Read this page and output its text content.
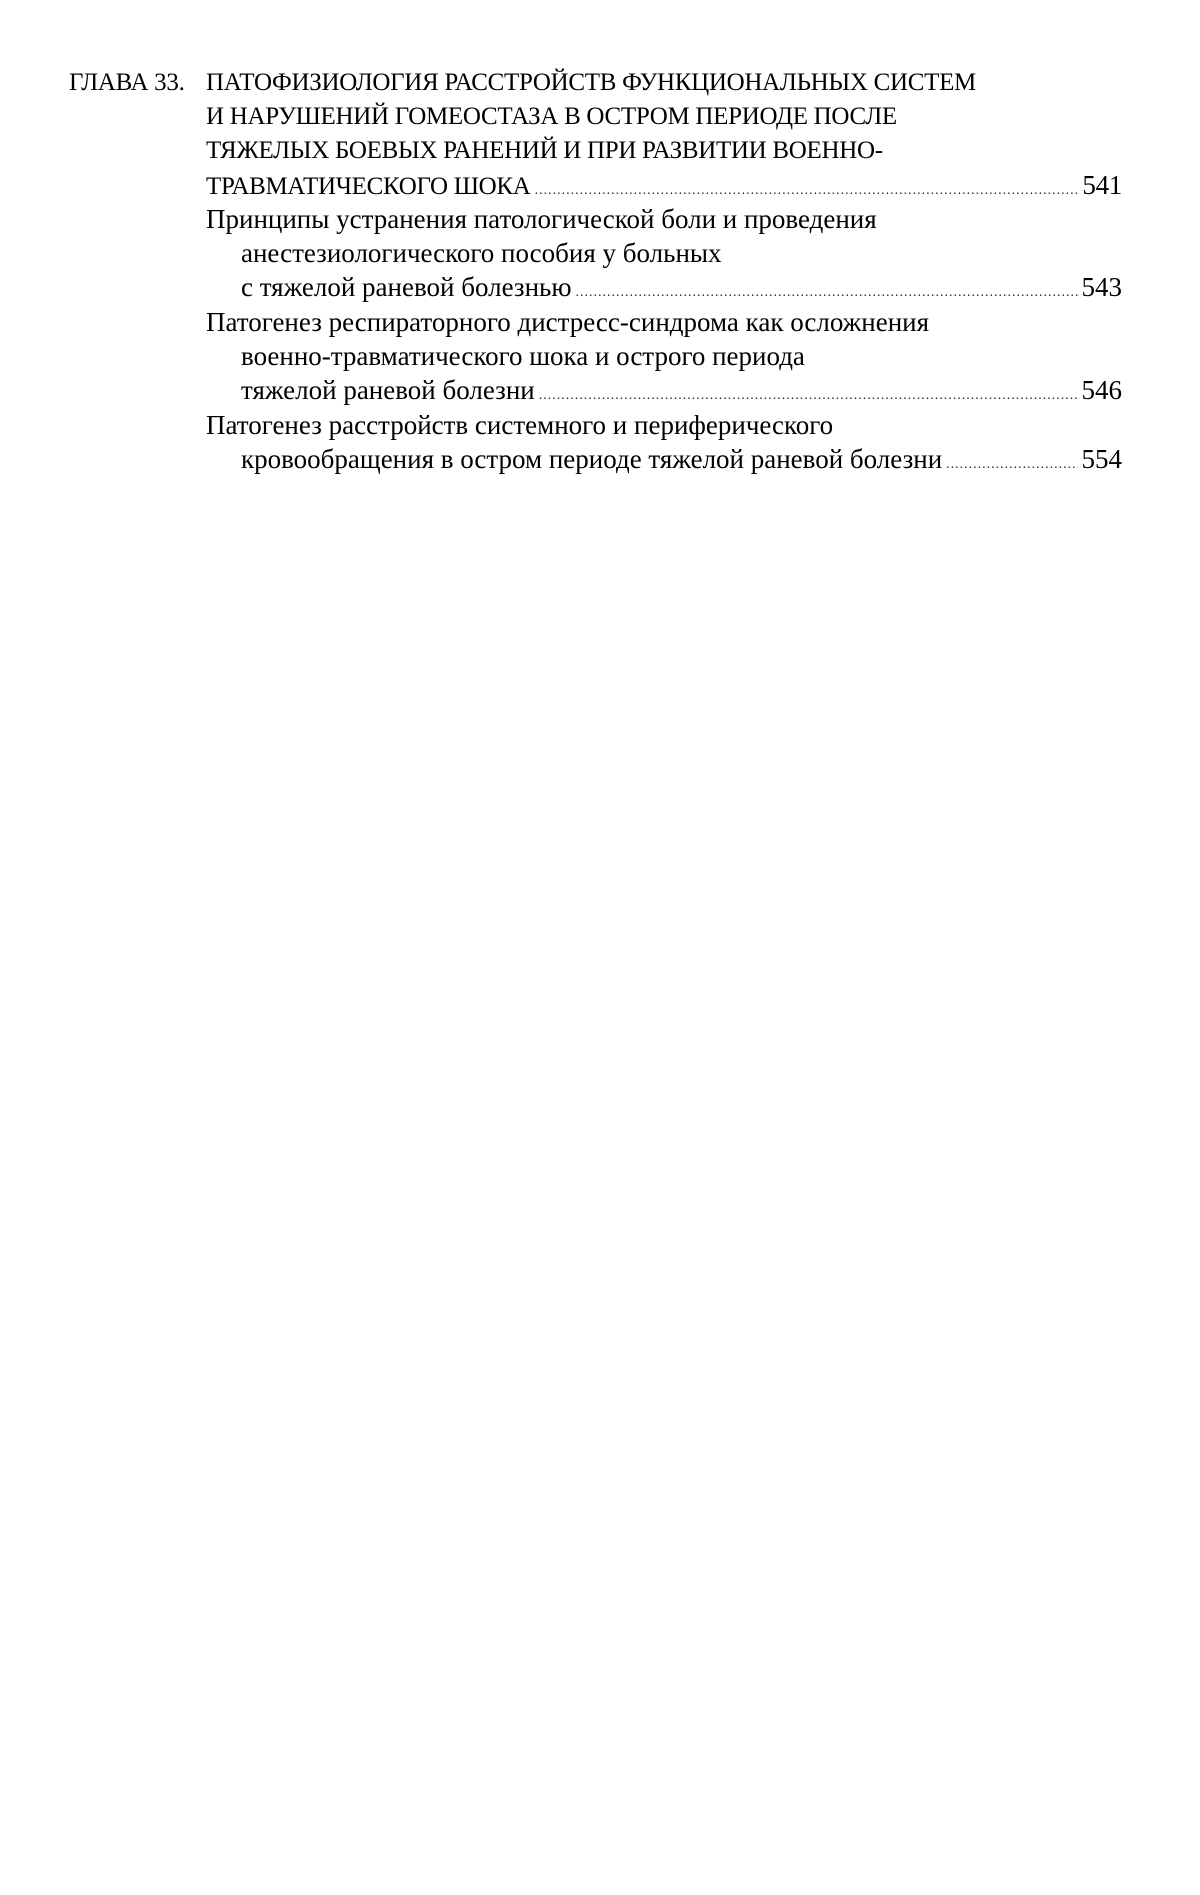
ГЛАВА 33. ПАТОФИЗИОЛОГИЯ РАССТРОЙСТВ ФУНКЦИОНАЛЬНЫХ СИСТЕМ
И НАРУШЕНИЙ ГОМЕОСТАЗА В ОСТРОМ ПЕРИОДЕ ПОСЛЕ
ТЯЖЕЛЫХ БОЕВЫХ РАНЕНИЙ И ПРИ РАЗВИТИИ ВОЕННО-
ТРАВМАТИЧЕСКОГО ШОКА .....	541
Принципы устранения патологической боли и проведения
анестезиологического пособия у больных
с тяжелой раневой болезнью .....	543
Патогенез респираторного дистресс-синдрома как осложнения
военно-травматического шока и острого периода
тяжелой раневой болезни .....	546
Патогенез расстройств системного и периферического
кровообращения в остром периоде тяжелой раневой болезни .....	554
